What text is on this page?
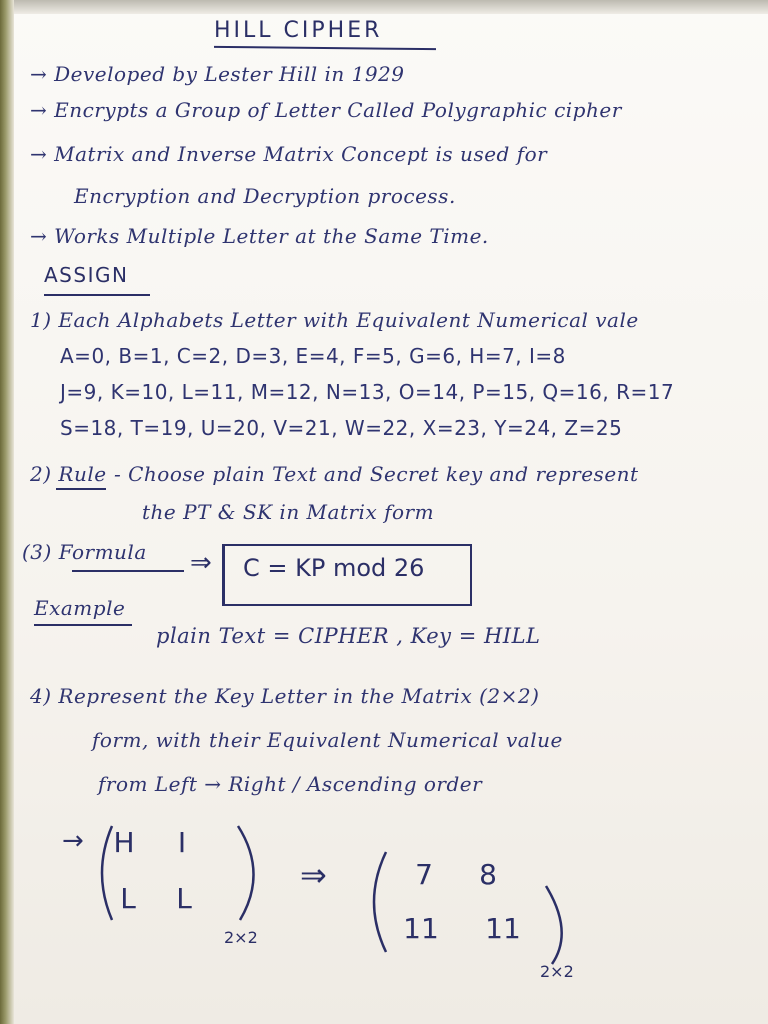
HILL CIPHER
→ Developed by Lester Hill in 1929
→ Encrypts a Group of Letter Called Polygraphic cipher
→ Matrix and Inverse Matrix Concept is used for
Encryption and Decryption process.
→ Works Multiple Letter at the Same Time.
ASSIGN
1) Each Alphabets Letter with Equivalent Numerical vale
A=0, B=1, C=2, D=3, E=4, F=5, G=6, H=7, I=8
J=9, K=10, L=11, M=12, N=13, O=14, P=15, Q=16, R=17
S=18, T=19, U=20, V=21, W=22, X=23, Y=24, Z=25
2) Rule - Choose plain Text and Secret key and represent
the PT & SK in Matrix form
(3) Formula ⇒ C = KP mod 26
Example
plain Text = CIPHER , Key = HILL
4) Represent the Key Letter in the Matrix (2×2)
form, with their Equivalent Numerical value
from Left → Right / Ascending order
→	H	I
L	L
2×2
⇒	7	8
11 11
2×2
